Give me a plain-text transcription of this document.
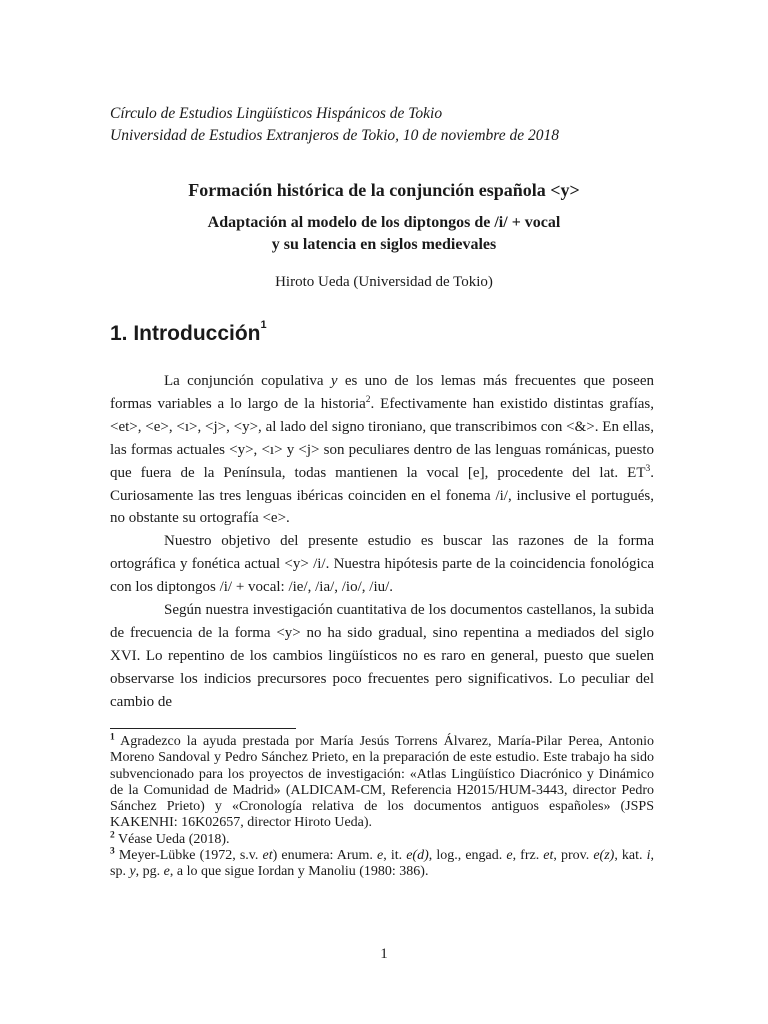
Círculo de Estudios Lingüísticos Hispánicos de Tokio
Universidad de Estudios Extranjeros de Tokio, 10 de noviembre de 2018
Formación histórica de la conjunción española <y>
Adaptación al modelo de los diptongos de /i/ + vocal
y su latencia en siglos medievales
Hiroto Ueda (Universidad de Tokio)
1. Introducción$^1$

La conjunción copulativa y es uno de los lemas más frecuentes que poseen formas variables a lo largo de la historia$^2$. Efectivamente han existido distintas grafías, <et>, <e>, <ı>, <j>, <y>, al lado del signo tironiano, que transcribimos con <&>. En ellas, las formas actuales <y>, <ı> y <j> son peculiares dentro de las lenguas románicas, puesto que fuera de la Península, todas mantienen la vocal [e], procedente del lat. $ET^3$. Curiosamente las tres lenguas ibéricas coinciden en el fonema /i/, inclusive el portugués, no obstante su ortografía <e>.

Nuestro objetivo del presente estudio es buscar las razones de la forma ortográfica y fonética actual <y> /i/. Nuestra hipótesis parte de la coincidencia fonológica con los diptongos /i/ + vocal: /ie/, /ia/, /io/, /iu/.

Según nuestra investigación cuantitativa de los documentos castellanos, la subida de frecuencia de la forma <y> no ha sido gradual, sino repentina a mediados del siglo XVI. Lo repentino de los cambios lingüísticos no es raro en general, puesto que suelen observarse los indicios precursores poco frecuentes pero significativos. Lo peculiar del cambio de

$^1$ Agradezco la ayuda prestada por María Jesús Torrens Álvarez, María-Pilar Perea, Antonio Moreno Sandoval y Pedro Sánchez Prieto, en la preparación de este estudio. Este trabajo ha sido subvencionado para los proyectos de investigación: «Atlas Lingüístico Diacrónico y Dinámico de la Comunidad de Madrid» (ALDICAM-CM, Referencia H2015/HUM-3443, director Pedro Sánchez Prieto) y «Cronología relativa de los documentos antiguos españoles» (JSPS KAKENHI: 16K02657, director Hiroto Ueda).

$^2$ Véase Ueda (2018).

$^3$ Meyer-Lübke (1972, s.v. et) enumera: Arum. e, it. e(d), log., engad. e, frz. et, prov. e(z), kat. i, sp. y, pg. e, a lo que sigue Iordan y Manoliu (1980: 386).

1
